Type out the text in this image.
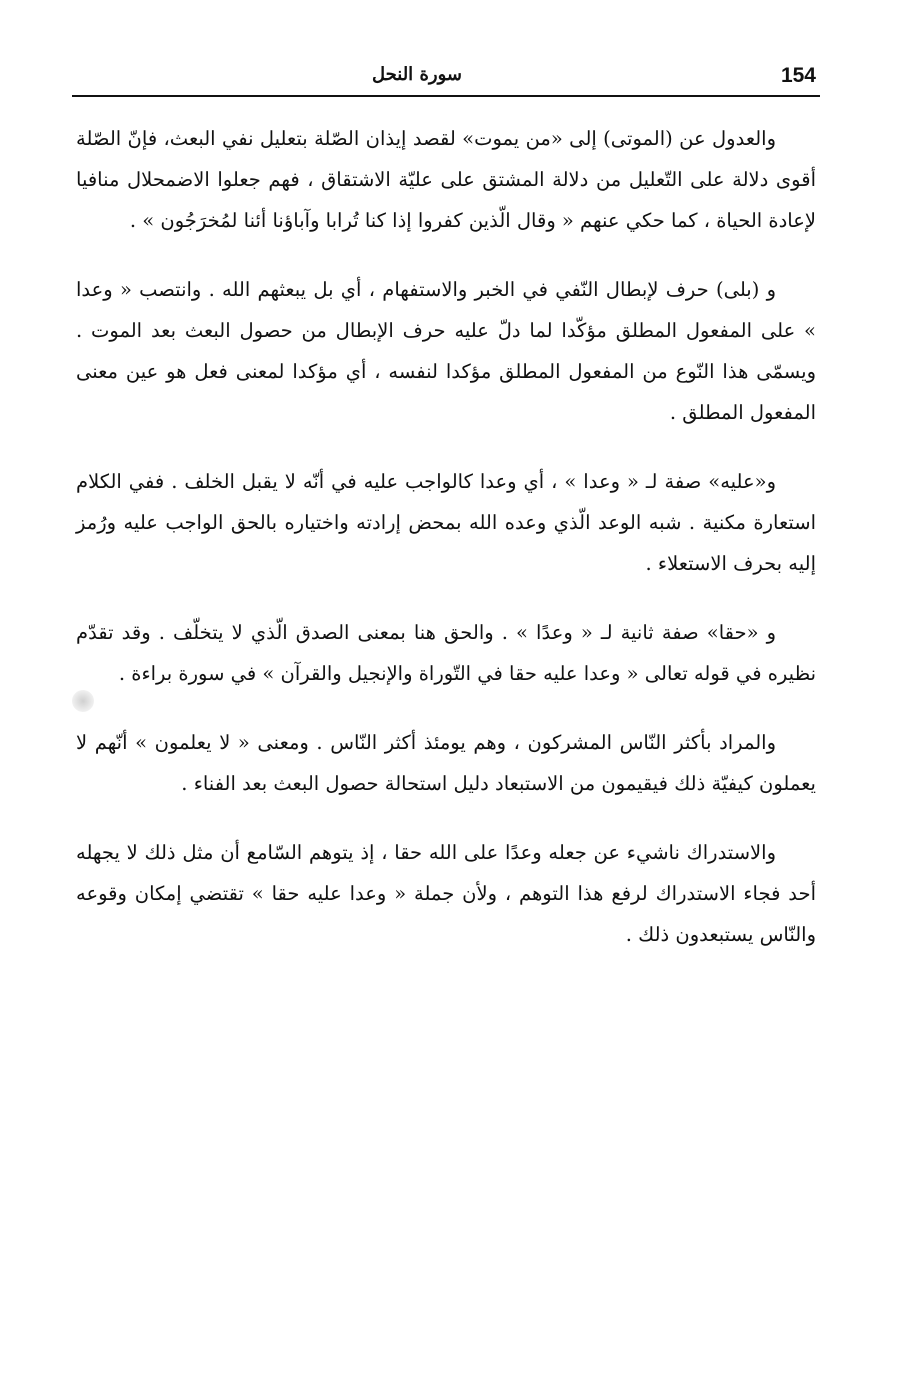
سورة النحل	154

والعدول عن (الموتى) إلى «من يموت» لقصد إيذان الصّلة بتعليل نفي البعث، فإنّ الصّلة أقوى دلالة على التّعليل من دلالة المشتق على عليّة الاشتقاق ، فهم جعلوا الاضمحلال منافيا لإعادة الحياة ، كما حكي عنهم « وقال الّذين كفروا إذا كنا تُرابا وآباؤنا أئنا لمُخرَجُون » .

و (بلى) حرف لإبطال النّفي في الخبر والاستفهام ، أي بل يبعثهم الله . وانتصب « وعدا » على المفعول المطلق مؤكّدا لما دلّ عليه حرف الإبطال من حصول البعث بعد الموت . ويسمّى هذا النّوع من المفعول المطلق مؤكدا لنفسه ، أي مؤكدا لمعنى فعل هو عين معنى المفعول المطلق .

و«عليه» صفة لـ « وعدا » ، أي وعدا كالواجب عليه في أنّه لا يقبل الخلف . ففي الكلام استعارة مكنية . شبه الوعد الّذي وعده الله بمحض إرادته واختياره بالحق الواجب عليه ورُمز إليه بحرف الاستعلاء .

و «حقا» صفة ثانية لـ « وعدًا » . والحق هنا بمعنى الصدق الّذي لا يتخلّف . وقد تقدّم نظيره في قوله تعالى « وعدا عليه حقا في التّوراة والإنجيل والقرآن » في سورة براءة .

والمراد بأكثر النّاس المشركون ، وهم يومئذ أكثر النّاس . ومعنى « لا يعلمون » أنّهم لا يعملون كيفيّة ذلك فيقيمون من الاستبعاد دليل استحالة حصول البعث بعد الفناء .

والاستدراك ناشيء عن جعله وعدًا على الله حقا ، إذ يتوهم السّامع أن مثل ذلك لا يجهله أحد فجاء الاستدراك لرفع هذا التوهم ، ولأن جملة « وعدا عليه حقا » تقتضي إمكان وقوعه والنّاس يستبعدون ذلك .
